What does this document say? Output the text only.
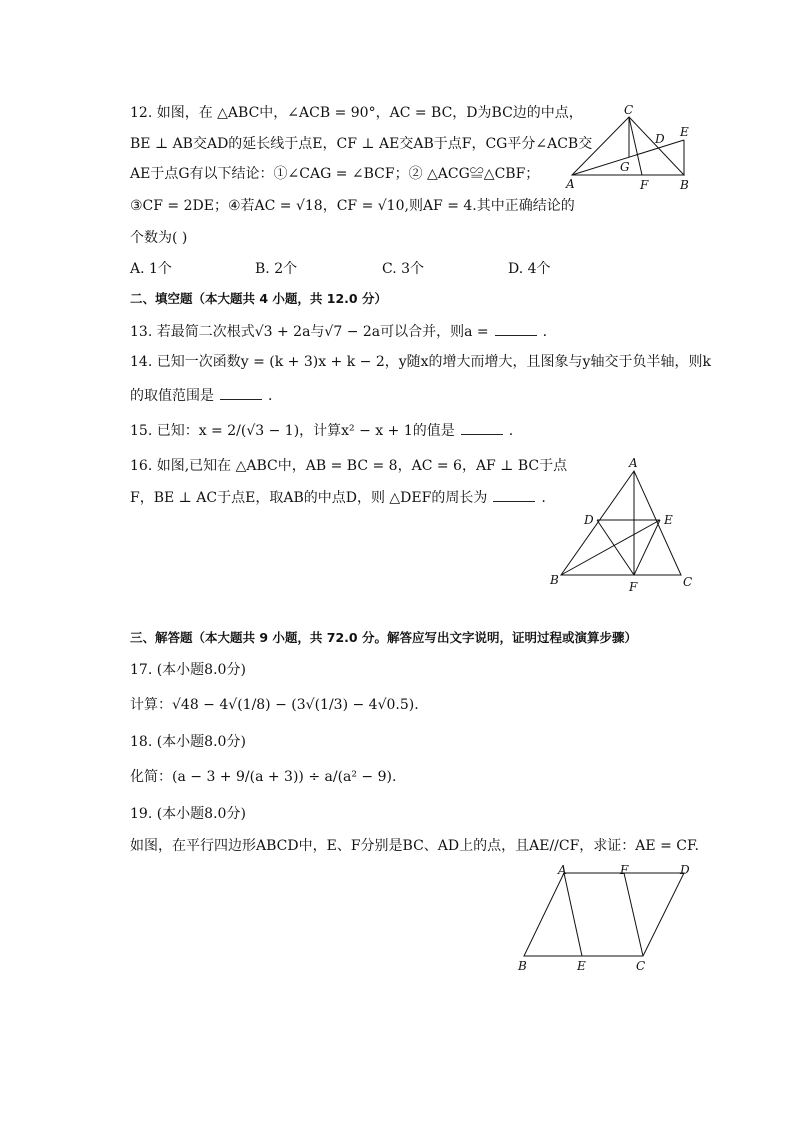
12. 如图，在 △ABC中，∠ACB = 90°，AC = BC，D为BC边的中点，
BE ⊥ AB交AD的延长线于点E，CF ⊥ AE交AB于点F，CG平分∠ACB交
AE于点G有以下结论：①∠CAG = ∠BCF；② △ACG≌△CBF；
③CF = 2DE；④若AC = √18，CF = √10,则AF = 4.其中正确结论的
个数为( )
A. 1个	B. 2个	C. 3个	D. 4个
C
D E
G
A	F	B
二、填空题（本大题共 4 小题，共 12.0 分）
13. 若最简二次根式√3 + 2a与√7 − 2a可以合并，则a =	.
14. 已知一次函数y = (k + 3)x + k − 2，y随x的增大而增大，且图象与y轴交于负半轴，则k
的取值范围是	.
15. 已知：x = 2/(√3 − 1)，计算x² − x + 1的值是	.
16. 如图,已知在 △ABC中，AB = BC = 8，AC = 6，AF ⊥ BC于点
F，BE ⊥ AC于点E，取AB的中点D，则 △DEF的周长为	.
A
D	E
B	F	C
三、解答题（本大题共 9 小题，共 72.0 分。解答应写出文字说明，证明过程或演算步骤）
17. (本小题8.0分)
计算：√48 − 4√(1/8) − (3√(1/3) − 4√0.5).
18. (本小题8.0分)
化简：(a − 3 + 9/(a + 3)) ÷ a/(a² − 9).
19. (本小题8.0分)
如图，在平行四边形ABCD中，E、F分别是BC、AD上的点，且AE//CF，求证：AE = CF.
A	F	D
B	E	C
